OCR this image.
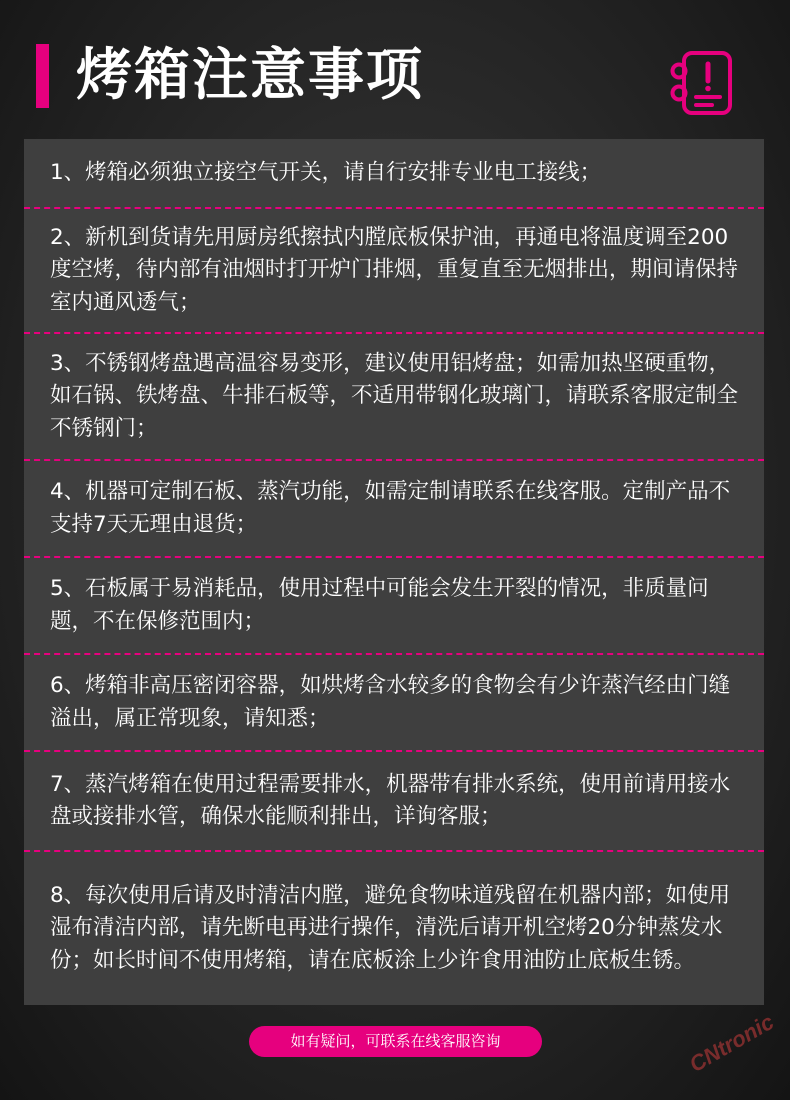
烤箱注意事项

1、烤箱必须独立接空气开关，请自行安排专业电工接线；

2、新机到货请先用厨房纸擦拭内膛底板保护油，再通电将温度调至200度空烤，待内部有油烟时打开炉门排烟，重复直至无烟排出，期间请保持室内通风透气；

3、不锈钢烤盘遇高温容易变形，建议使用铝烤盘；如需加热坚硬重物，如石锅、铁烤盘、牛排石板等，不适用带钢化玻璃门，请联系客服定制全不锈钢门；

4、机器可定制石板、蒸汽功能，如需定制请联系在线客服。定制产品不支持7天无理由退货；

5、石板属于易消耗品，使用过程中可能会发生开裂的情况，非质量问题，不在保修范围内；

6、烤箱非高压密闭容器，如烘烤含水较多的食物会有少许蒸汽经由门缝溢出，属正常现象，请知悉；

7、蒸汽烤箱在使用过程需要排水，机器带有排水系统，使用前请用接水盘或接排水管，确保水能顺利排出，详询客服；

8、每次使用后请及时清洁内膛，避免食物味道残留在机器内部；如使用湿布清洁内部，请先断电再进行操作，清洗后请开机空烤20分钟蒸发水份；如长时间不使用烤箱，请在底板涂上少许食用油防止底板生锈。

如有疑问，可联系在线客服咨询	CNtronic
